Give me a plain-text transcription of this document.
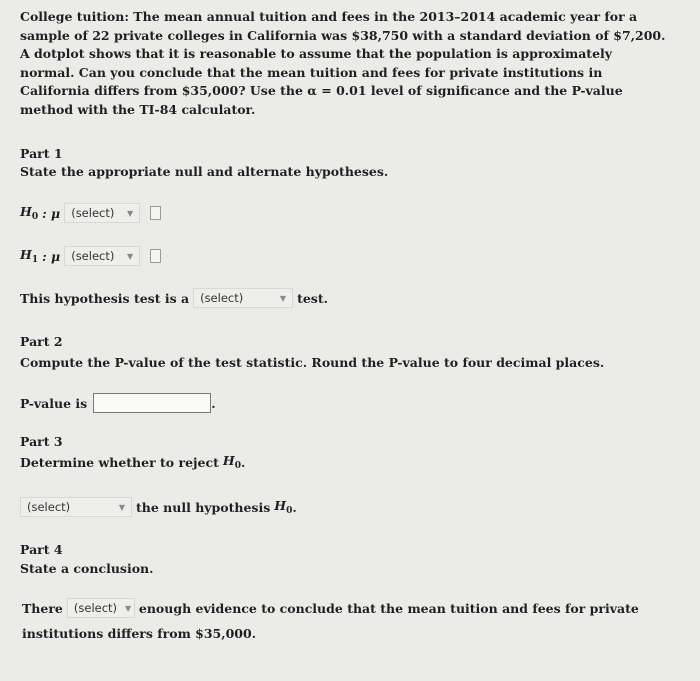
College tuition: The mean annual tuition and fees in the 2013–2014 academic year for a sample of 22 private colleges in California was $38,750 with a standard deviation of $7,200. A dotplot shows that it is reasonable to assume that the population is approximately normal. Can you conclude that the mean tuition and fees for private institutions in California differs from $35,000? Use the α = 0.01 level of significance and the P-value method with the TI-84 calculator.
Part 1
State the appropriate null and alternate hypotheses.
$H_0$ : μ (select) ▼
$H_1$ : μ (select) ▼
This hypothesis test is a (select)	▼ test.
Part 2
Compute the P-value of the test statistic. Round the P-value to four decimal places.
P-value is	.
Part 3
Determine whether to reject $H_0$ .
(select)	▼ the null hypothesis $H_0$ .
Part 4
State a conclusion.
There (select) ▼ enough evidence to conclude that the mean tuition and fees for private
institutions differs from $35,000.
